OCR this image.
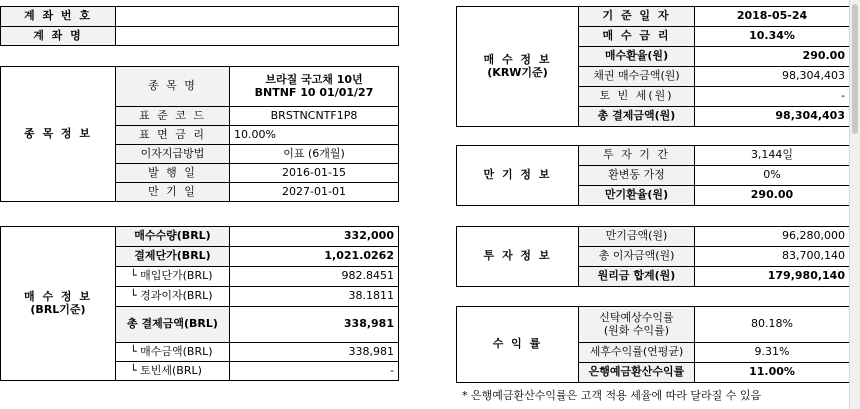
계 좌 번 호	
계 좌 명	
종 목 정 보	종 목 명	브라질 국고채 10년
BNTNF 10 01/01/27

	표 준 코 드	BRSTNCNTF1P8
	표 면 금 리	10.00%
	이자지급방법	이표 (6개월)
	발 행 일	2016-01-15
	만 기 일	2027-01-01
매 수 정 보
(BRL기준)	매수수량(BRL)	332,000
	결제단가(BRL)	1,021.0262
	└ 매입단가(BRL)	982.8451
	└ 경과이자(BRL)	38.1811
	총 결제금액(BRL)	338,981
	└ 매수금액(BRL)	338,981
	└ 토빈세(BRL)	-
매 수 정 보
(KRW기준)	기 준 일 자	2018-05-24
	매 수 금 리	10.34%
	매수환율(원)	290.00
	채권 매수금액(원)	98,304,403
	토 빈 세(원)	-
	총 결제금액(원)	98,304,403
만 기 정 보	투 자 기 간	3,144일
	환변동 가정	0%
	만기환율(원)	290.00
투 자 정 보	만기금액(원)	96,280,000
	총 이자금액(원)	83,700,140
	원리금 합계(원)	179,980,140
수 익 률	신탁예상수익률
(원화 수익률)	80.18%
	세후수익률(연평균)	9.31%
	은행예금환산수익률	11.00%
* 은행예금환산수익률은 고객 적용 세율에 따라 달라질 수 있음
